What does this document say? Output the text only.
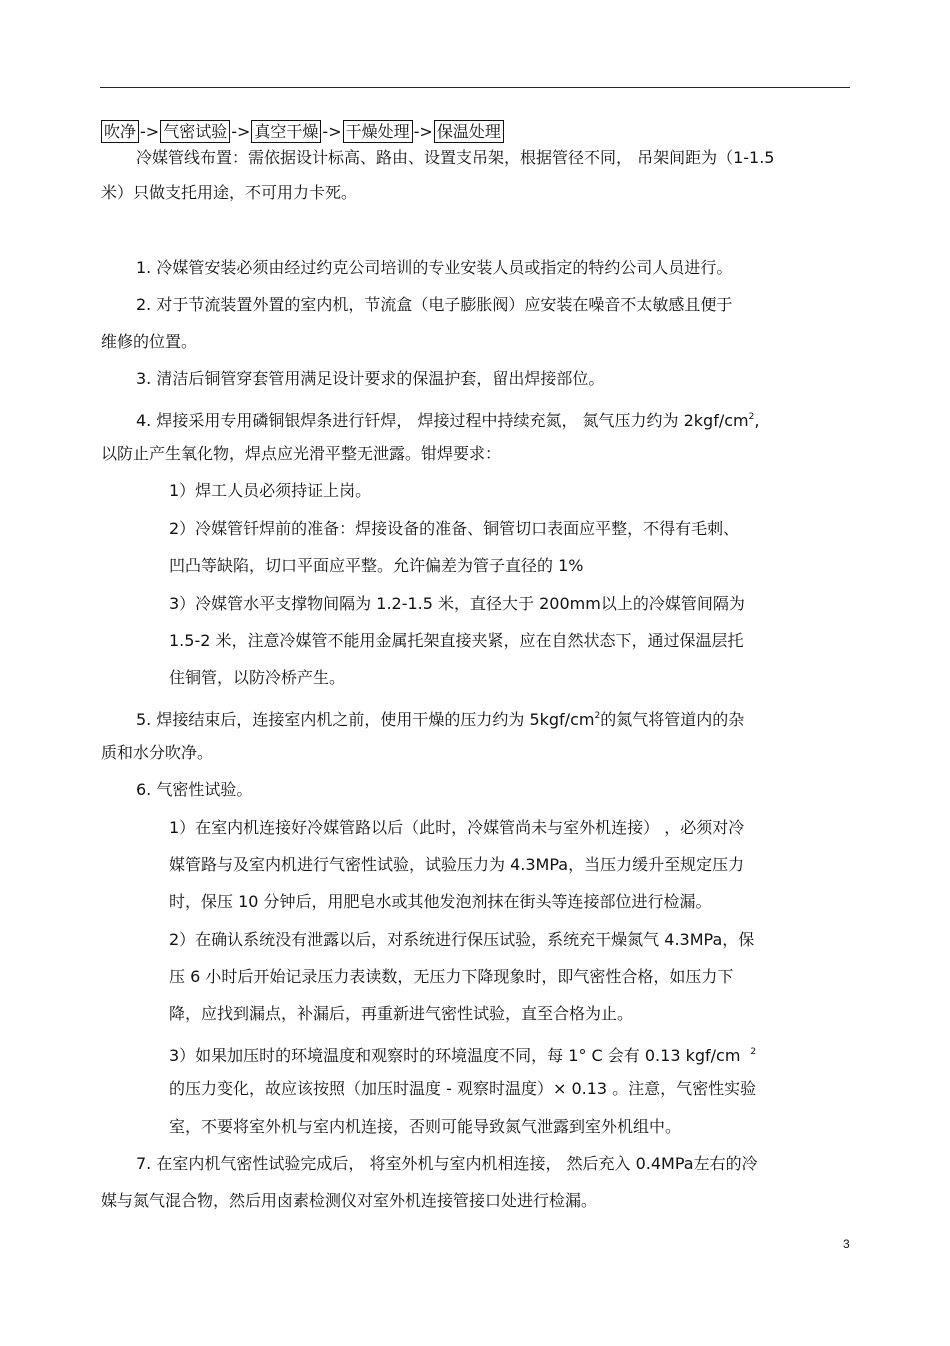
吹净 -> 气密试验 -> 真空干燥 -> 干燥处理 -> 保温处理
冷媒管线布置：需依据设计标高、路由、设置支吊架，根据管径不同， 吊架间距为（1-1.5
米）只做支托用途，不可用力卡死。
1. 冷媒管安装必须由经过约克公司培训的专业安装人员或指定的特约公司人员进行。
2. 对于节流装置外置的室内机，节流盒（电子膨胀阀）应安装在噪音不太敏感且便于
维修的位置。
3. 清洁后铜管穿套管用满足设计要求的保温护套，留出焊接部位。
4. 焊接采用专用磷铜银焊条进行钎焊， 焊接过程中持续充氮， 氮气压力约为 $2kgf/cm^2$,
以防止产生氧化物，焊点应光滑平整无泄露。钳焊要求：
1）焊工人员必须持证上岗。
2）冷媒管钎焊前的准备：焊接设备的准备、铜管切口表面应平整，不得有毛刺、
凹凸等缺陷，切口平面应平整。允许偏差为管子直径的 1%
3）冷媒管水平支撑物间隔为 1.2-1.5 米，直径大于 200mm以上的冷媒管间隔为
1.5-2 米，注意冷媒管不能用金属托架直接夹紧，应在自然状态下，通过保温层托
住铜管，以防冷桥产生。
5. 焊接结束后，连接室内机之前，使用干燥的压力约为 $5kgf/cm^2$的氮气将管道内的杂
质和水分吹净。
6. 气密性试验。
1）在室内机连接好冷媒管路以后（此时，冷媒管尚未与室外机连接） ，必须对冷
媒管路与及室内机进行气密性试验，试验压力为 4.3MPa，当压力缓升至规定压力
时，保压 10 分钟后，用肥皂水或其他发泡剂抹在街头等连接部位进行检漏。
2）在确认系统没有泄露以后，对系统进行保压试验，系统充干燥氮气 4.3MPa，保
压 6 小时后开始记录压力表读数，无压力下降现象时，即气密性合格，如压力下
降，应找到漏点，补漏后，再重新进气密性试验，直至合格为止。
3）如果加压时的环境温度和观察时的环境温度不同，每 1° C 会有 0.13 kgf/cm $^2$
的压力变化，故应该按照（加压时温度 - 观察时温度）× 0.13 。注意，气密性实验
室，不要将室外机与室内机连接，否则可能导致氮气泄露到室外机组中。
7. 在室内机气密性试验完成后， 将室外机与室内机相连接， 然后充入 0.4MPa左右的冷
媒与氮气混合物，然后用卤素检测仪对室外机连接管接口处进行检漏。
3
